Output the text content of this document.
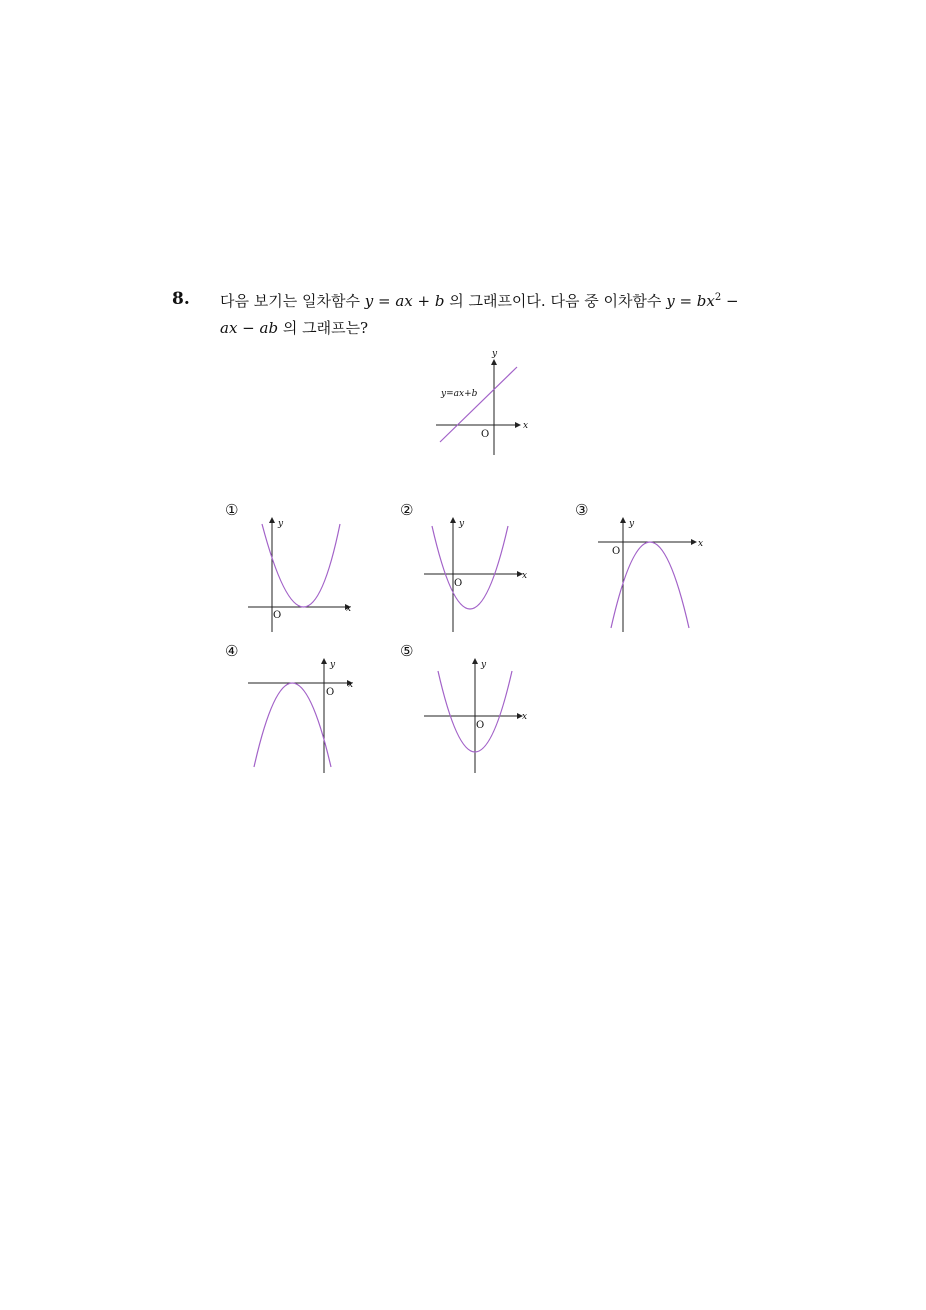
8. 다음 보기는 일차함수 y = ax + b 의 그래프이다. 다음 중 이차함수 $y = bx^2$ −
ax − ab 의 그래프는?
y=ax+b
y
x
O
①	②	③
④	⑤
y
x
O
y
x
O
y
x
O
y
x
O
y
x
O
